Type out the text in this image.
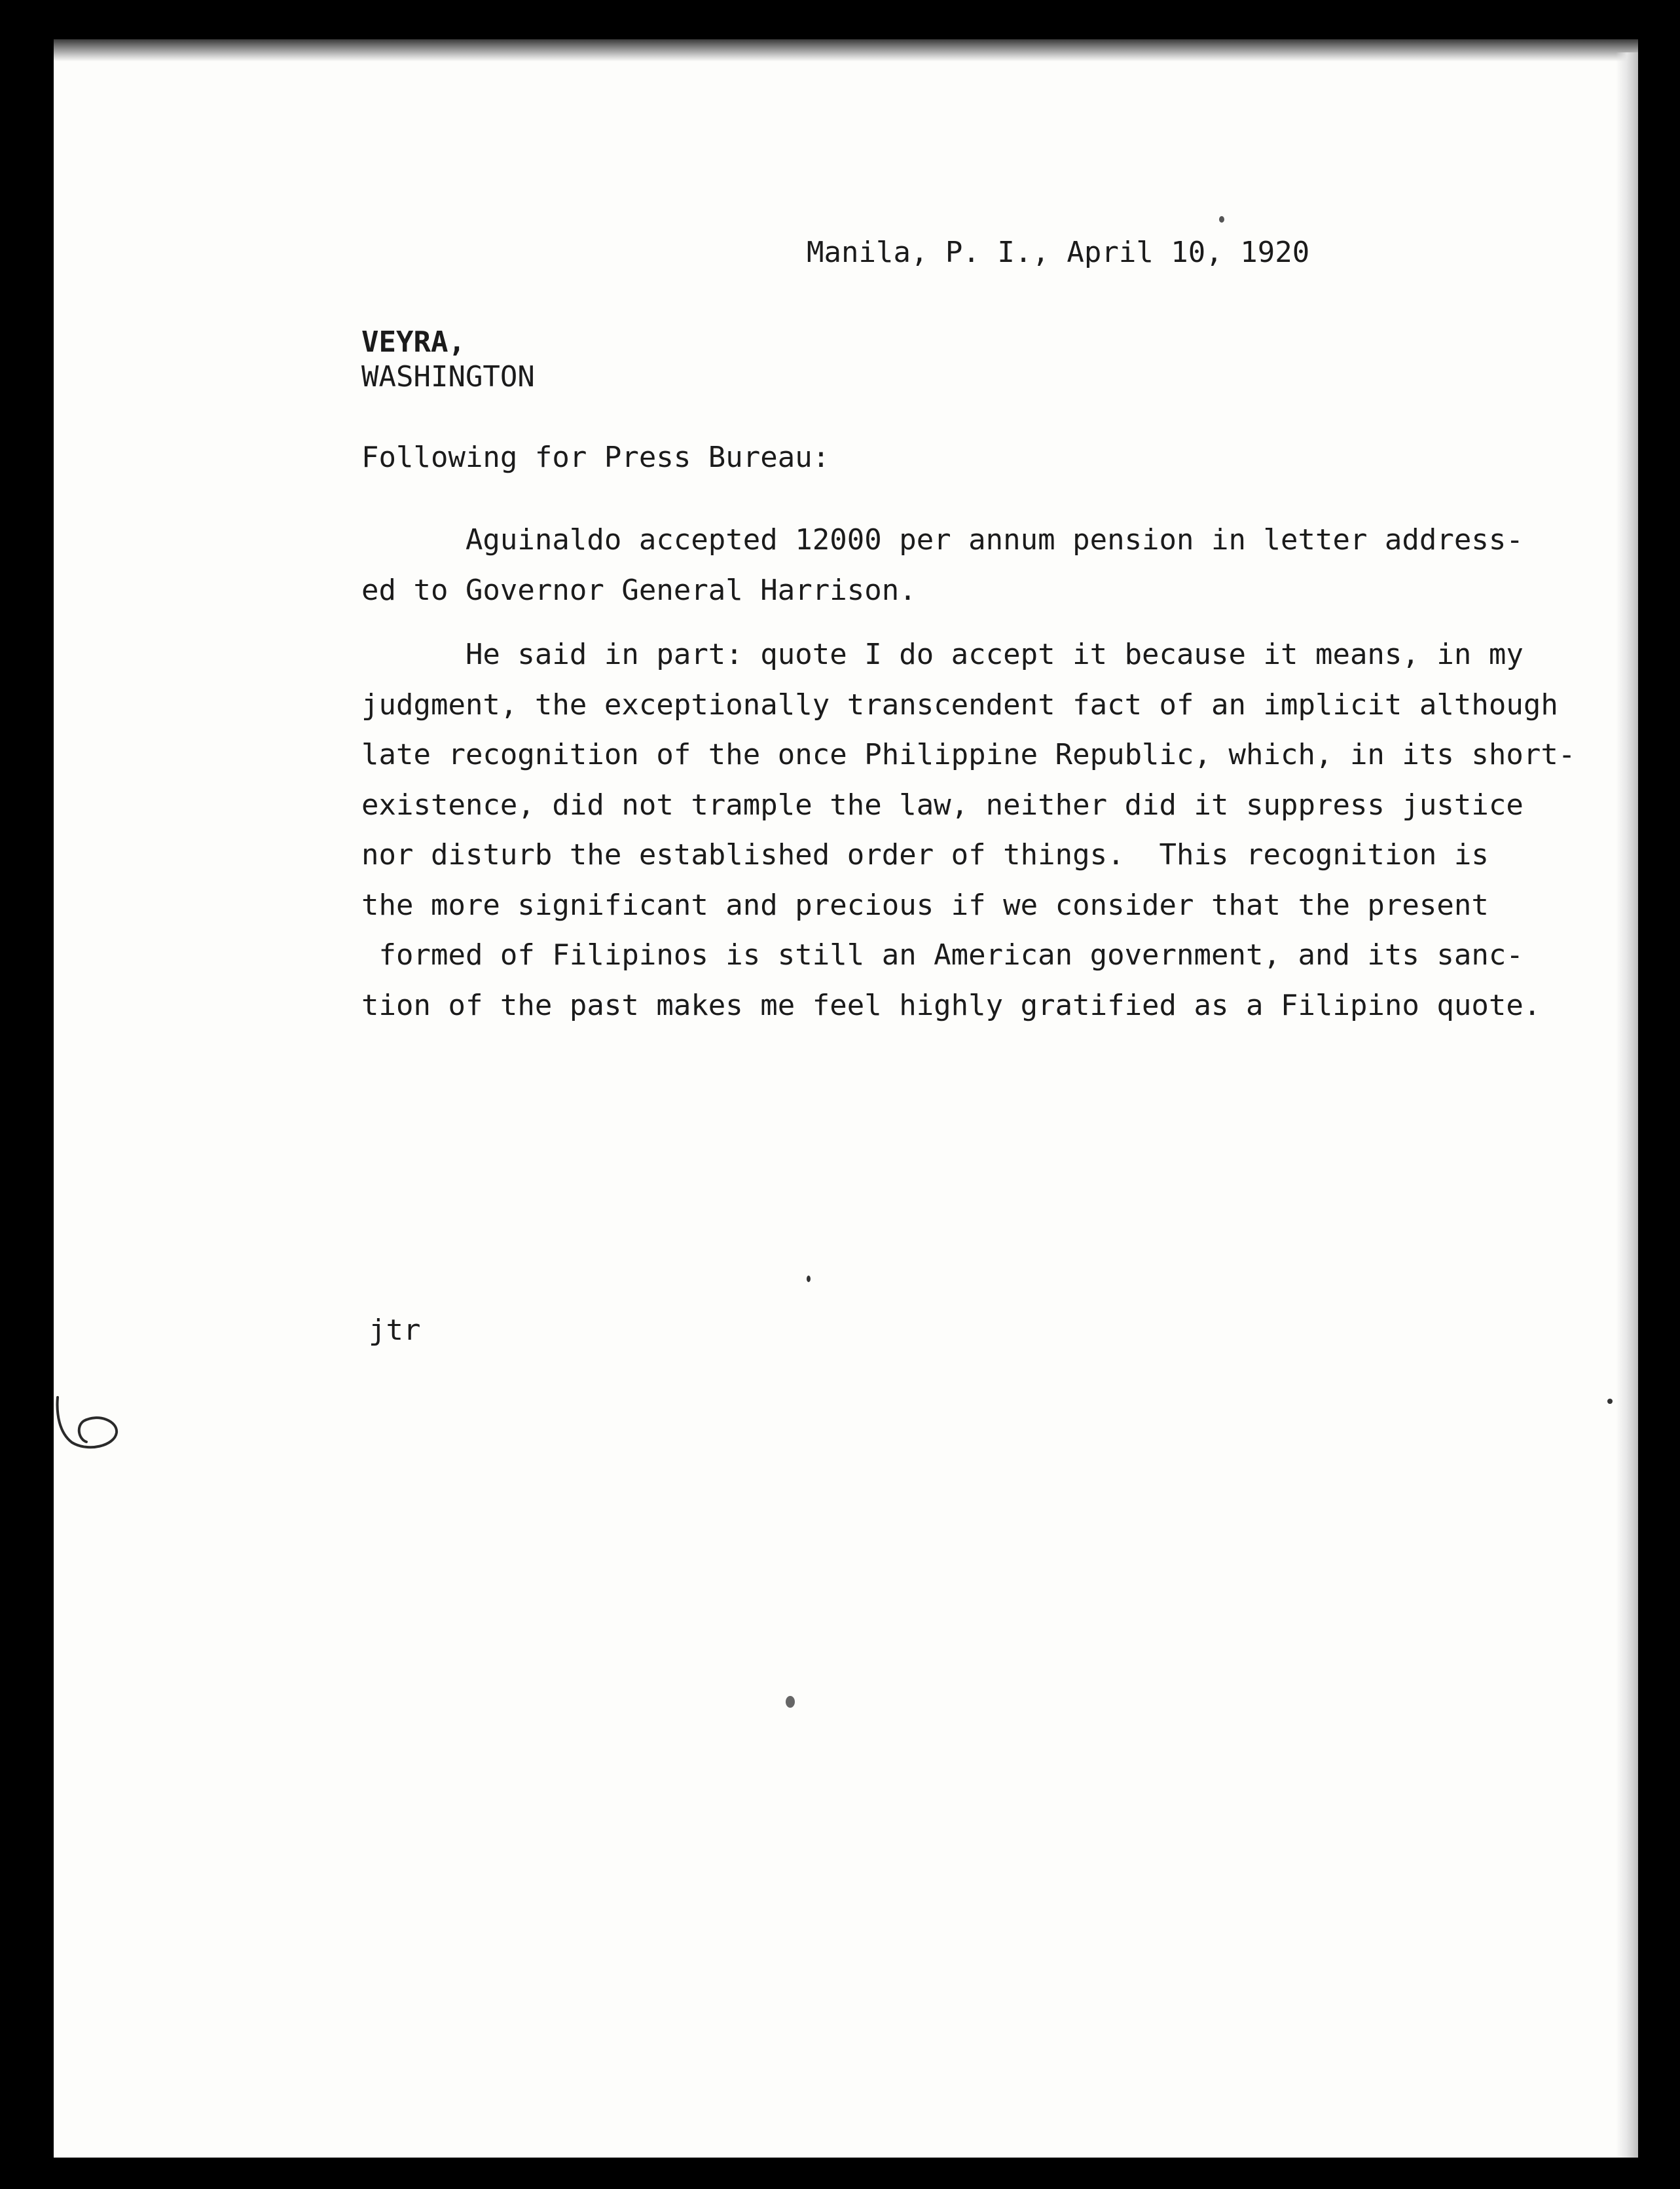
Manila, P. I., April 10, 1920

VEYRA,

WASHINGTON

Following for Press Bureau:

Aguinaldo accepted 12000 per annum pension in letter address-
ed to Governor General Harrison.
He said in part: quote I do accept it because it means, in my
judgment, the exceptionally transcendent fact of an implicit although
late recognition of the once Philippine Republic, which, in its short-
existence, did not trample the law, neither did it suppress justice
nor disturb the established order of things.  This recognition is
the more significant and precious if we consider that the present
formed of Filipinos is still an American government, and its sanc-
tion of the past makes me feel highly gratified as a Filipino quote.

jtr
